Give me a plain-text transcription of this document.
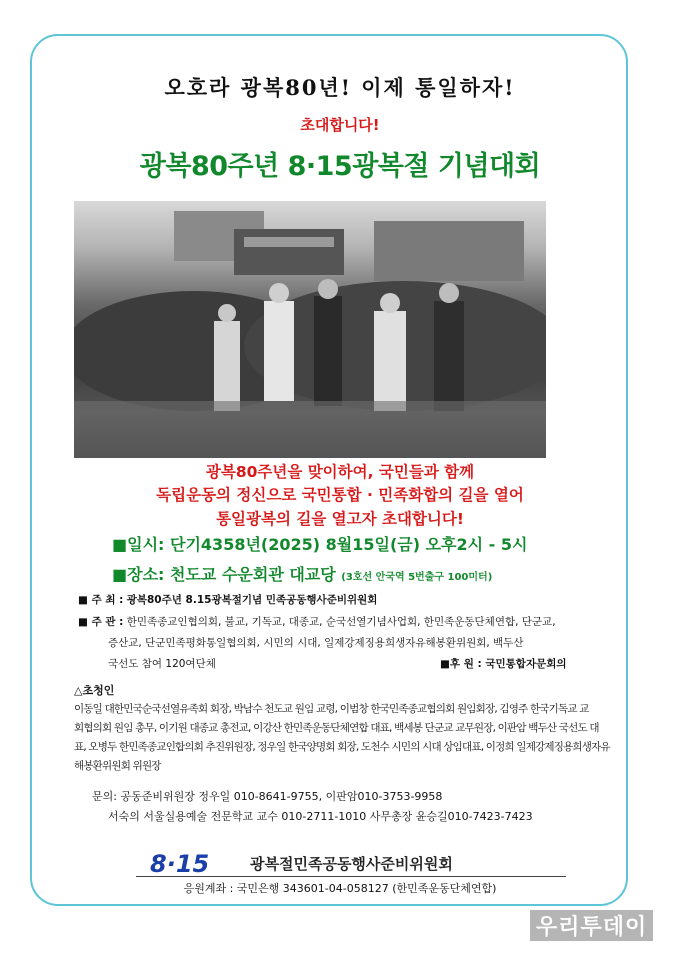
오호라 광복80년! 이제 통일하자!
초대합니다!
광복80주년 8·15광복절 기념대회
광복80주년을 맞이하여, 국민들과 함께
독립운동의 정신으로 국민통합 · 민족화합의 길을 열어
통일광복의 길을 열고자 초대합니다!
■일시: 단기4358년(2025) 8월15일(금) 오후2시 - 5시
■장소: 천도교 수운회관 대교당 (3호선 안국역 5번출구 100미터)
■ 주 최 : 광복80주년 8.15광복절기념 민족공동행사준비위원회
■ 주 관 : 한민족종교인협의회, 불교, 기독교, 대종교, 순국선열기념사업회, 한민족운동단체연합, 단군교,
증산교, 단군민족평화통일협의회, 시민의 시대, 일제강제징용희생자유해봉환위원회, 백두산
국선도 참여 120여단체	■후 원 : 국민통합자문회의
△초청인
이동일 대한민국순국선열유족회 회장, 박남수 천도교 원임 교령, 이범창 한국민족종교협의회 원임회장, 김영주 한국기독교 교
회협의회 원임 총무, 이기원 대종교 총전교, 이강산 한민족운동단체연합 대표, 백세봉 단군교 교무원장, 이판암 백두산 국선도 대
표, 오병두 한민족종교인합의회 추진위원장, 정우일 한국양명회 회장, 도천수 시민의 시대 상임대표, 이정희 일제강제징용희생자유
해봉환위원회 위원장
문의: 공동준비위원장 정우일 010-8641-9755, 이판암010-3753-9958
서숙의 서울실용예술 전문학교 교수 010-2711-1010 사무총장 윤승길010-7423-7423
8·15	광복절민족공동행사준비위원회
응원계좌 : 국민은행 343601-04-058127 (한민족운동단체연합)
우리투데이
